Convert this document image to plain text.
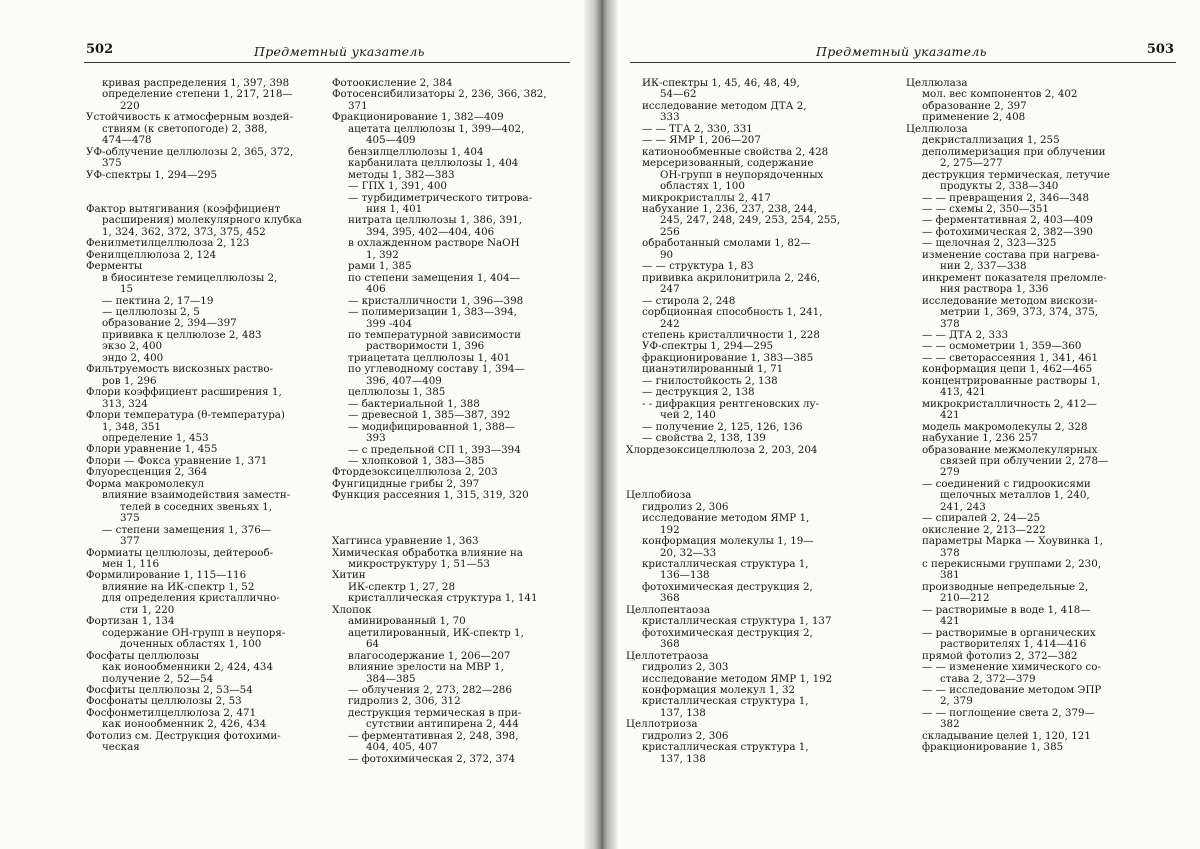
502	Предметный указатель
кривая распределения 1, 397, 398
определение степени 1, 217, 218—
220
Устойчивость к атмосферным воздей-
ствиям (к светопогоде) 2, 388,
474—478
УФ-облучение целлюлозы 2, 365, 372,
375
УФ-спектры 1, 294—295
Фактор вытягивания (коэффициент
расширения) молекулярного клубка
1, 324, 362, 372, 373, 375, 452
Фенилметилцеллюлоза 2, 123
Фенилцеллюлоза 2, 124
Ферменты
в биосинтезе гемицеллюлозы 2,
15
— пектина 2, 17—19
— целлюлозы 2, 5
образование 2, 394—397
прививка к целлюлозе 2, 483
экзо 2, 400
эндо 2, 400
Фильтруемость вискозных раство-
ров 1, 296
Флори коэффициент расширения 1,
313, 324
Флори температура (θ-температура)
1, 348, 351
определение 1, 453
Флори уравнение 1, 455
Флори — Фокса уравнение 1, 371
Флуоресценция 2, 364
Форма макромолекул
влияние взаимодействия заместн-
телей в соседних звеньях 1,
375
— степени замещения 1, 376—
377
Формиаты целлюлозы, дейтерооб-
мен 1, 116
Формилирование 1, 115—116
влияние на ИК-спектр 1, 52
для определения кристалличнo-
сти 1, 220
Фортизан 1, 134
содержание ОН-групп в неупоря-
доченных областях 1, 100
Фосфаты целлюлозы
как ионообменники 2, 424, 434
получение 2, 52—54
Фосфиты целлюлозы 2, 53—54
Фосфонаты целлюлозы 2, 53
Фосфонметилцеллюлоза 2, 471
как ионообменник 2, 426, 434
Фотолиз см. Деструкция фотохими-
ческая
Фотоокисление 2, 384
Фотосенсибилизаторы 2, 236, 366, 382,
371
Фракционирование 1, 382—409
ацетата целлюлозы 1, 399—402,
405—409
бензилцеллюлозы 1, 404
карбанилата целлюлозы 1, 404
методы 1, 382—383
— ГПХ 1, 391, 400
— турбидиметрического титрова-
ния 1, 401
нитрата целлюлозы 1, 386, 391,
394, 395, 402—404, 406
в охлажденном растворе NaOH
1, 392
рами 1, 385
по степени замещения 1, 404—
406
— кристалличности 1, 396—398
— полимеризации 1, 383—394,
399 -404
по температурной зависимости
растворимости 1, 396
триацетата целлюлозы 1, 401
по углеводному составу 1, 394—
396, 407—409
целлюлозы 1, 385
— бактериальной 1, 388
— древесной 1, 385—387, 392
— модифицированной 1, 388—
393
— с предельной СП 1, 393—394
— хлопковой 1, 383—385
Фтордезоксицеллюлоза 2, 203
Фунгицидные грибы 2, 397
Функция рассеяния 1, 315, 319, 320
Хаггинса уравнение 1, 363
Химическая обработка влияние на
микроструктуру 1, 51—53
Хитин
ИК-спектр 1, 27, 28
кристаллическая структура 1, 141
Хлопок
аминированный 1, 70
ацетилированный, ИК-спектр 1,
64
влагосодержание 1, 206—207
влияние зрелости на МВР 1,
384—385
— облучения 2, 273, 282—286
гидролиз 2, 306, 312
деструкция термическая в при-
сутствии антипирена 2, 444
— ферментативная 2, 248, 398,
404, 405, 407
— фотохимическая 2, 372, 374
Предметный указатель	503
ИК-спектры 1, 45, 46, 48, 49,
54—62
исследование методом ДТА 2,
333
— — ТГА 2, 330, 331
— — ЯМР 1, 206—207
катионообменные свойства 2, 428
мерсеризованный, содержание
ОН-групп в неупорядоченных
областях 1, 100
микрокристаллы 2, 417
набухание 1, 236, 237, 238, 244,
245, 247, 248, 249, 253, 254, 255,
256
обработанный смолами 1, 82—
90
— — структура 1, 83
прививка акрилонитрила 2, 246,
247
— стирола 2, 248
сорбционная способность 1, 241,
242
степень кристалличности 1, 228
УФ-спектры 1, 294—295
фракционирование 1, 383—385
цианэтилированный 1, 71
— гнилостойкость 2, 138
— деструкция 2, 138
- - дифракция рентгеновских лу-
чей 2, 140
— получение 2, 125, 126, 136
— свойства 2, 138, 139
Хлордезоксицеллюлоза 2, 203, 204
Целлобиоза
гидролиз 2, 306
исследование методом ЯМР 1,
192
конформация молекулы 1, 19—
20, 32—33
кристаллическая структура 1,
136—138
фотохимическая деструкция 2,
368
Целлопентаоза
кристаллическая структура 1, 137
фотохимическая деструкция 2,
368
Целлотетраоза
гидролиз 2, 303
исследование методом ЯМР 1, 192
конформация молекул 1, 32
кристаллическая структура 1,
137, 138
Целлотриоза
гидролиз 2, 306
кристаллическая структура 1,
137, 138
Целлюлаза
мол. вес компонентов 2, 402
образование 2, 397
применение 2, 408
Целлюлоза
декристаллизация 1, 255
деполимеризация при облучении
2, 275—277
деструкция термическая, летучие
продукты 2, 338—340
— — превращения 2, 346—348
— — схемы 2, 350—351
— ферментативная 2, 403—409
— фотохимическая 2, 382—390
— щелочная 2, 323—325
изменение состава при нагрева-
нии 2, 337—338
инкремент показателя преломле-
ния раствора 1, 336
исследование методом вискози-
метрии 1, 369, 373, 374, 375,
378
— — ДТА 2, 333
— — осмометрии 1, 359—360
— — светорассеяния 1, 341, 461
конформация цепи 1, 462—465
концентрированные растворы 1,
413, 421
микрокристалличность 2, 412—
421
модель макромолекулы 2, 328
набухание 1, 236 257
образование межмолекулярных
связей при облучении 2, 278—
279
— соединений с гидроокисями
щелочных металлов 1, 240,
241, 243
— спиралей 2, 24—25
окисление 2, 213—222
параметры Марка — Хоувинка 1,
378
с перекисными группами 2, 230,
381
производные непредельные 2,
210—212
— растворимые в воде 1, 418—
421
— растворимые в органических
растворителях 1, 414—416
прямой фотолиз 2, 372—382
— — изменение химического со-
става 2, 372—379
— — исследование методом ЭПР
2, 379
— — поглощение света 2, 379—
382
складывание целей 1, 120, 121
фракционирование 1, 385
